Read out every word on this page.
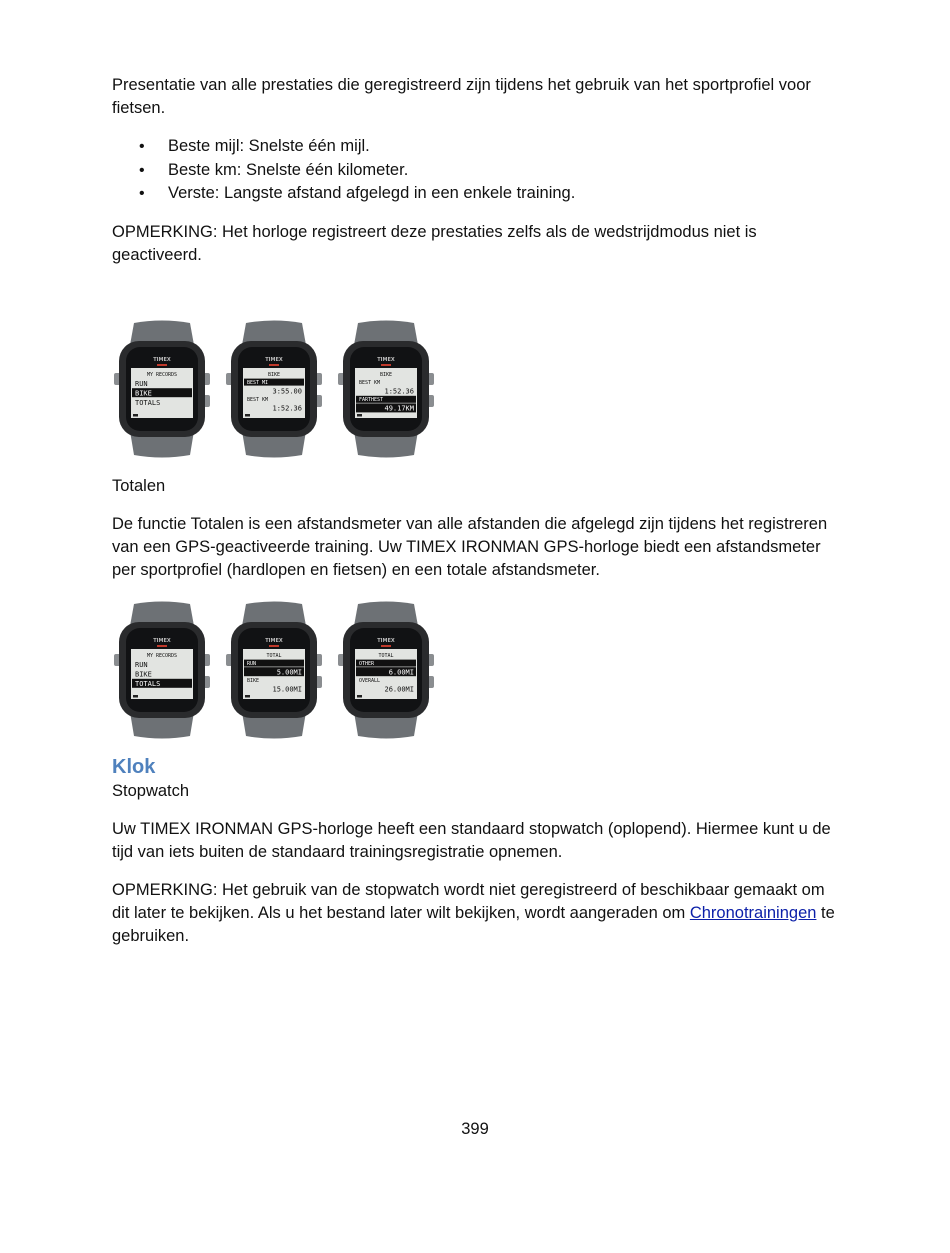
Presentatie van alle prestaties die geregistreerd zijn tijdens het gebruik van het sportprofiel voor fietsen.

• Beste mijl: Snelste één mijl.
• Beste km: Snelste één kilometer.
• Verste: Langste afstand afgelegd in een enkele training.

OPMERKING: Het horloge registreert deze prestaties zelfs als de wedstrijdmodus niet is geactiveerd.

TIMEX
MY RECORDS
RUN
BIKE
TOTALS
TIMEX
BIKE
BEST MI
3:55.00
BEST KM
1:52.36
TIMEX
BIKE
BEST KM
1:52.36
FARTHEST
49.17KM

Totalen

De functie Totalen is een afstandsmeter van alle afstanden die afgelegd zijn tijdens het registreren van een GPS-geactiveerde training. Uw TIMEX IRONMAN GPS-horloge biedt een afstandsmeter per sportprofiel (hardlopen en fietsen) en een totale afstandsmeter.

TIMEX
MY RECORDS
RUN
BIKE
TOTALS
TIMEX
TOTAL
RUN
5.00MI
BIKE
15.00MI
TIMEX
TOTAL
OTHER
6.00MI
OVERALL
26.00MI
Klok

Stopwatch

Uw TIMEX IRONMAN GPS-horloge heeft een standaard stopwatch (oplopend). Hiermee kunt u de tijd van iets buiten de standaard trainingsregistratie opnemen.

OPMERKING: Het gebruik van de stopwatch wordt niet geregistreerd of beschikbaar gemaakt om dit later te bekijken. Als u het bestand later wilt bekijken, wordt aangeraden om Chronotrainingen te gebruiken.

399
